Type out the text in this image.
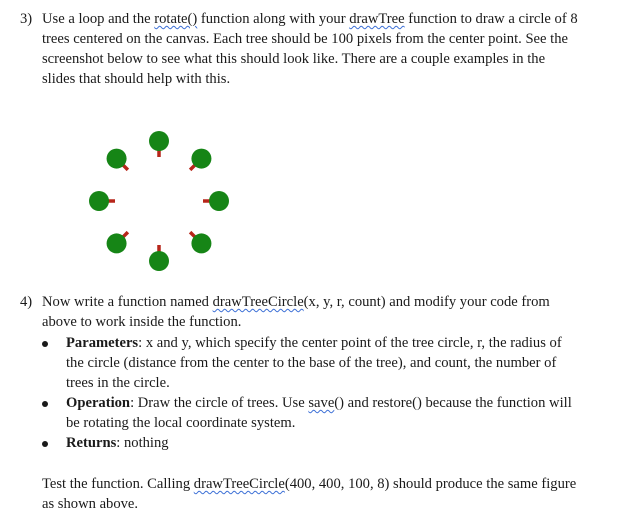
3) Use a loop and the rotate() function along with your drawTree function to draw a circle of 8 trees centered on the canvas. Each tree should be 100 pixels from the center point. See the screenshot below to see what this should look like. There are a couple examples in the slides that should help with this.
4) Now write a function named drawTreeCircle(x, y, r, count) and modify your code from above to work inside the function.
Parameters: x and y, which specify the center point of the tree circle, r, the radius of the circle (distance from the center to the base of the tree), and count, the number of trees in the circle.
Operation: Draw the circle of trees. Use save() and restore() because the function will be rotating the local coordinate system.
Returns: nothing
Test the function. Calling drawTreeCircle(400, 400, 100, 8) should produce the same figure as shown above.
